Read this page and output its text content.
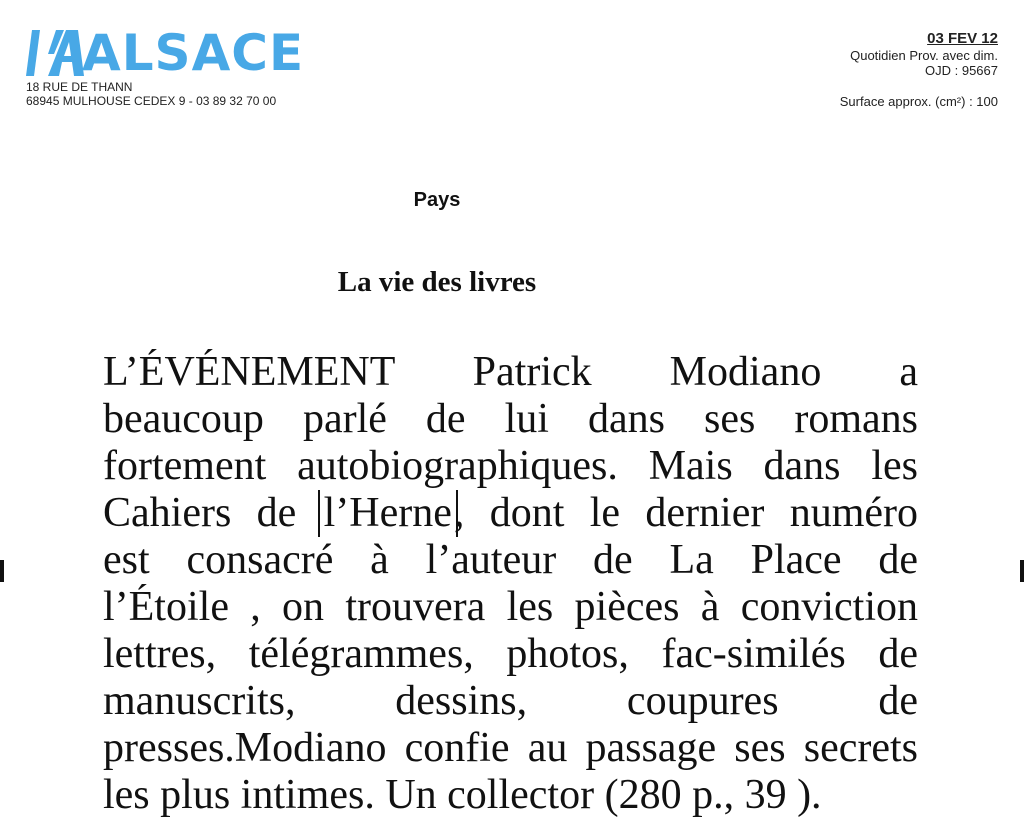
ALSACE
18 RUE DE THANN
68945 MULHOUSE CEDEX 9 - 03 89 32 70 00
03 FEV 12
Quotidien Prov. avec dim.
OJD : 95667
Surface approx. (cm²) : 100
Pays
La vie des livres
L’ÉVÉNEMENT Patrick Modiano a
beaucoup parlé de lui dans ses romans
fortement autobiographiques. Mais dans les
Cahiers de l’Herne, dont le dernier numéro
est consacré à l’auteur de La Place de
l’Étoile , on trouvera les pièces à conviction
lettres, télégrammes, photos, fac-similés de
manuscrits, dessins, coupures de
presses.Modiano confie au passage ses secrets
les plus intimes. Un collector (280 p., 39 ).
